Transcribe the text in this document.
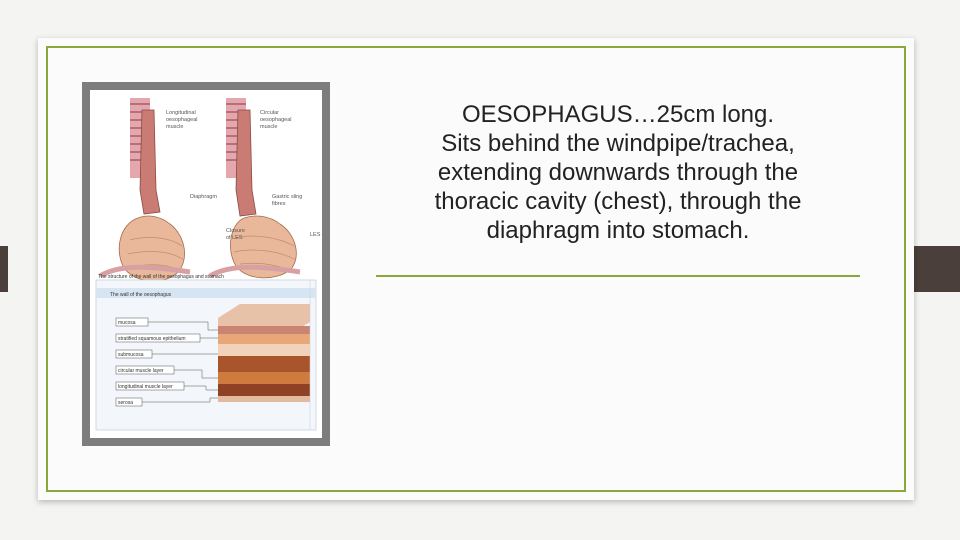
Longitudinal
oesophageal
muscle
Circular
oesophageal
muscle
Diaphragm	Gastric sling
fibres
Closure
of LES	LES
The structure of the wall of the oesophagus and stomach
The wall of the oesophagus
mucosa
stratified squamous epithelium
submucosa
circular muscle layer
longitudinal muscle layer
serosa
OESOPHAGUS…25cm long.
Sits behind the windpipe/trachea,
extending downwards through the
thoracic cavity (chest), through the
diaphragm into stomach.
